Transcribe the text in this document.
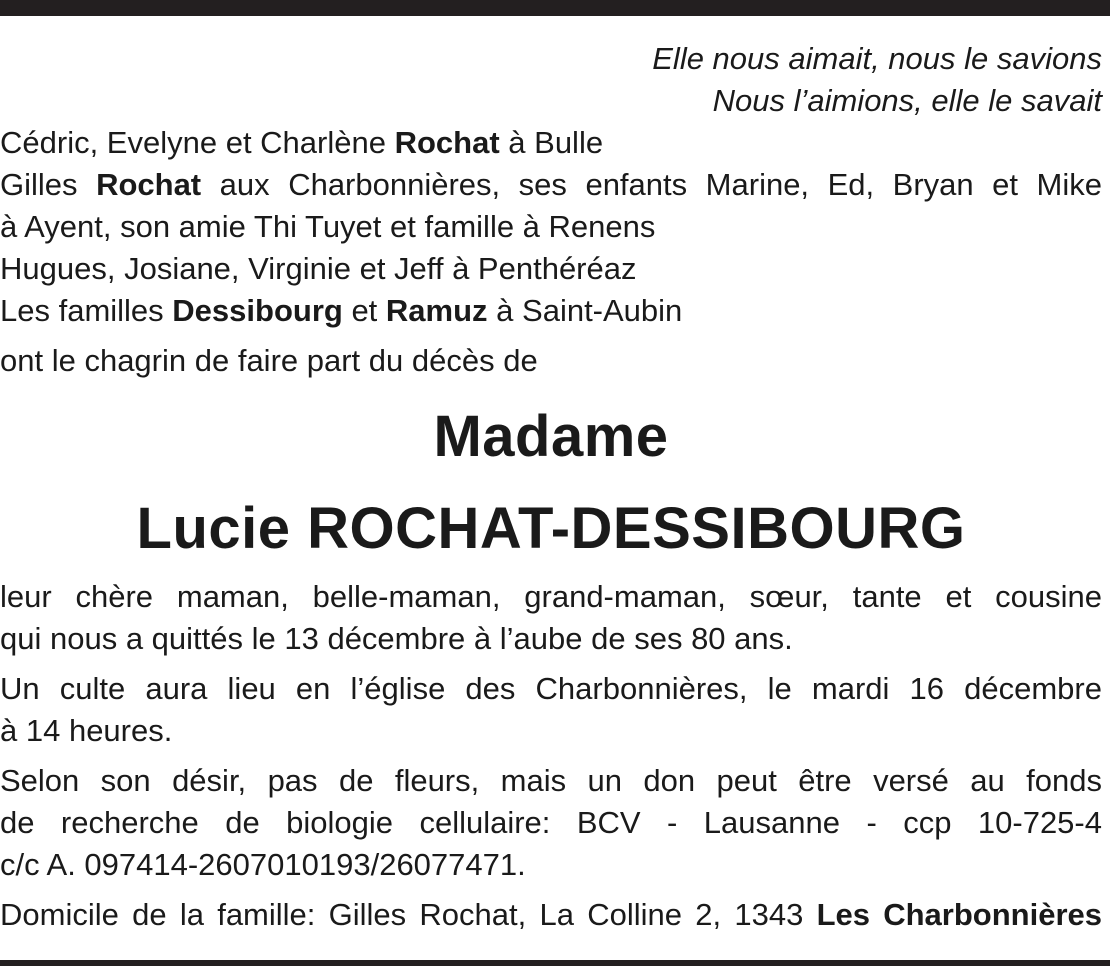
Elle nous aimait, nous le savions
Nous l’aimions, elle le savait
Cédric, Evelyne et Charlène Rochat à Bulle
Gilles Rochat aux Charbonnières, ses enfants Marine, Ed, Bryan et Mike
à Ayent, son amie Thi Tuyet et famille à Renens
Hugues, Josiane, Virginie et Jeff à Penthéréaz
Les familles Dessibourg et Ramuz à Saint-Aubin
ont le chagrin de faire part du décès de
Madame
Lucie ROCHAT-DESSIBOURG
leur chère maman, belle-maman, grand-maman, sœur, tante et cousine
qui nous a quittés le 13 décembre à l’aube de ses 80 ans.
Un culte aura lieu en l’église des Charbonnières, le mardi 16 décembre
à 14 heures.
Selon son désir, pas de fleurs, mais un don peut être versé au fonds
de recherche de biologie cellulaire: BCV - Lausanne - ccp 10-725-4
c/c A. 097414-2607010193/26077471.
Domicile de la famille: Gilles Rochat, La Colline 2, 1343 Les Charbonnières
